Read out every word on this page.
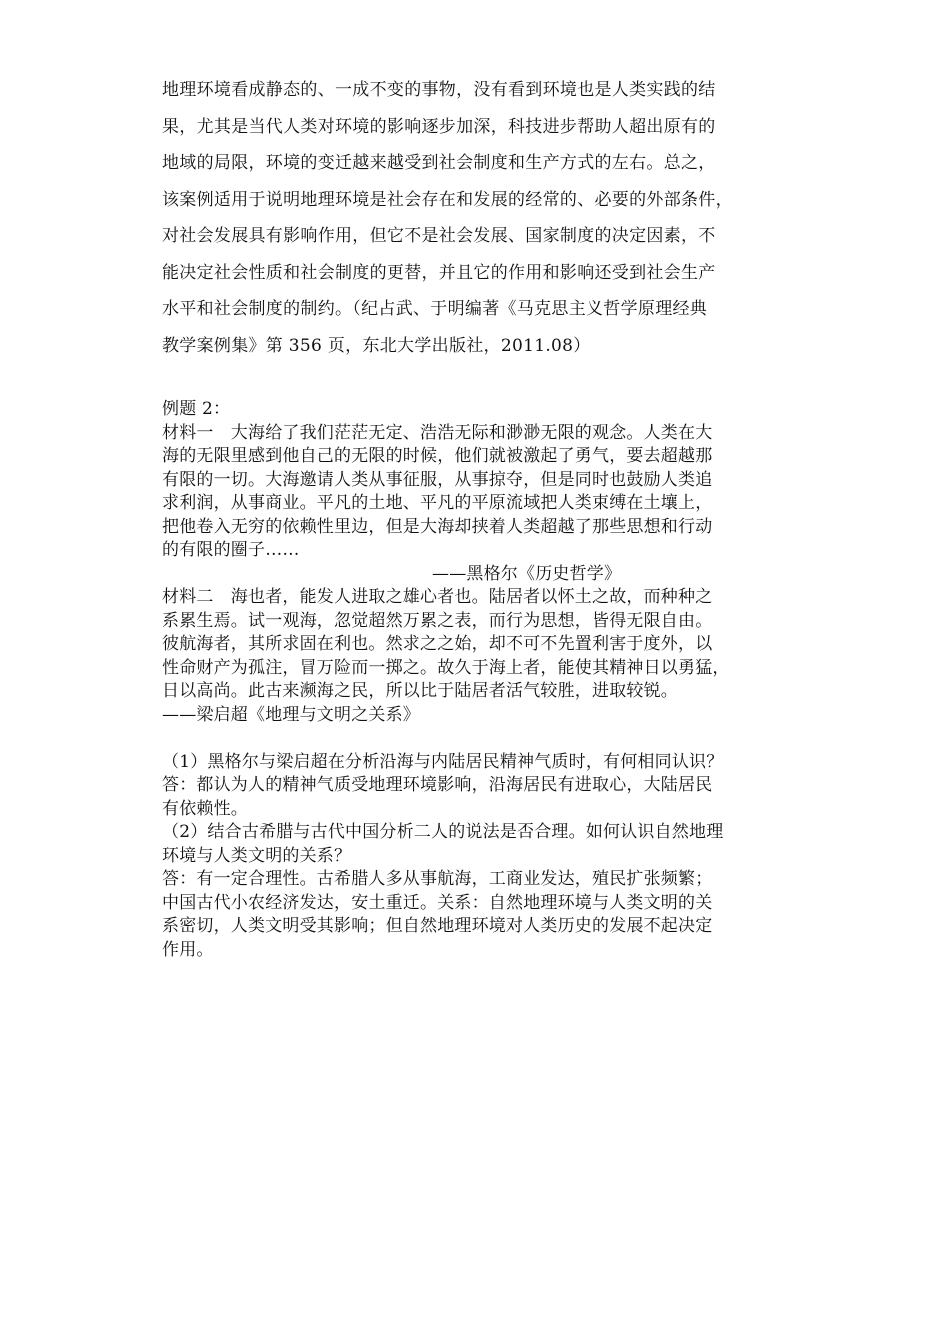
地理环境看成静态的、一成不变的事物，没有看到环境也是人类实践的结

果，尤其是当代人类对环境的影响逐步加深，科技进步帮助人超出原有的

地域的局限，环境的变迁越来越受到社会制度和生产方式的左右。总之，

该案例适用于说明地理环境是社会存在和发展的经常的、必要的外部条件，

对社会发展具有影响作用，但它不是社会发展、国家制度的决定因素，不

能决定社会性质和社会制度的更替，并且它的作用和影响还受到社会生产

水平和社会制度的制约。（纪占武、于明编著《马克思主义哲学原理经典

教学案例集》第 356 页，东北大学出版社，2011.08）

例题 2：

材料一　大海给了我们茫茫无定、浩浩无际和渺渺无限的观念。人类在大

海的无限里感到他自己的无限的时候，他们就被激起了勇气，要去超越那

有限的一切。大海邀请人类从事征服，从事掠夺，但是同时也鼓励人类追

求利润，从事商业。平凡的土地、平凡的平原流域把人类束缚在土壤上，

把他卷入无穷的依赖性里边，但是大海却挟着人类超越了那些思想和行动

的有限的圈子……

——黑格尔《历史哲学》

材料二　海也者，能发人进取之雄心者也。陆居者以怀土之故，而种种之

系累生焉。试一观海，忽觉超然万累之表，而行为思想，皆得无限自由。

彼航海者，其所求固在利也。然求之之始，却不可不先置利害于度外，以

性命财产为孤注，冒万险而一掷之。故久于海上者，能使其精神日以勇猛，

日以高尚。此古来濒海之民，所以比于陆居者活气较胜，进取较锐。

——梁启超《地理与文明之关系》

（1）黑格尔与梁启超在分析沿海与内陆居民精神气质时，有何相同认识？

答：都认为人的精神气质受地理环境影响，沿海居民有进取心，大陆居民

有依赖性。

（2）结合古希腊与古代中国分析二人的说法是否合理。如何认识自然地理

环境与人类文明的关系？

答：有一定合理性。古希腊人多从事航海，工商业发达，殖民扩张频繁；

中国古代小农经济发达，安土重迁。关系：自然地理环境与人类文明的关

系密切，人类文明受其影响；但自然地理环境对人类历史的发展不起决定

作用。
